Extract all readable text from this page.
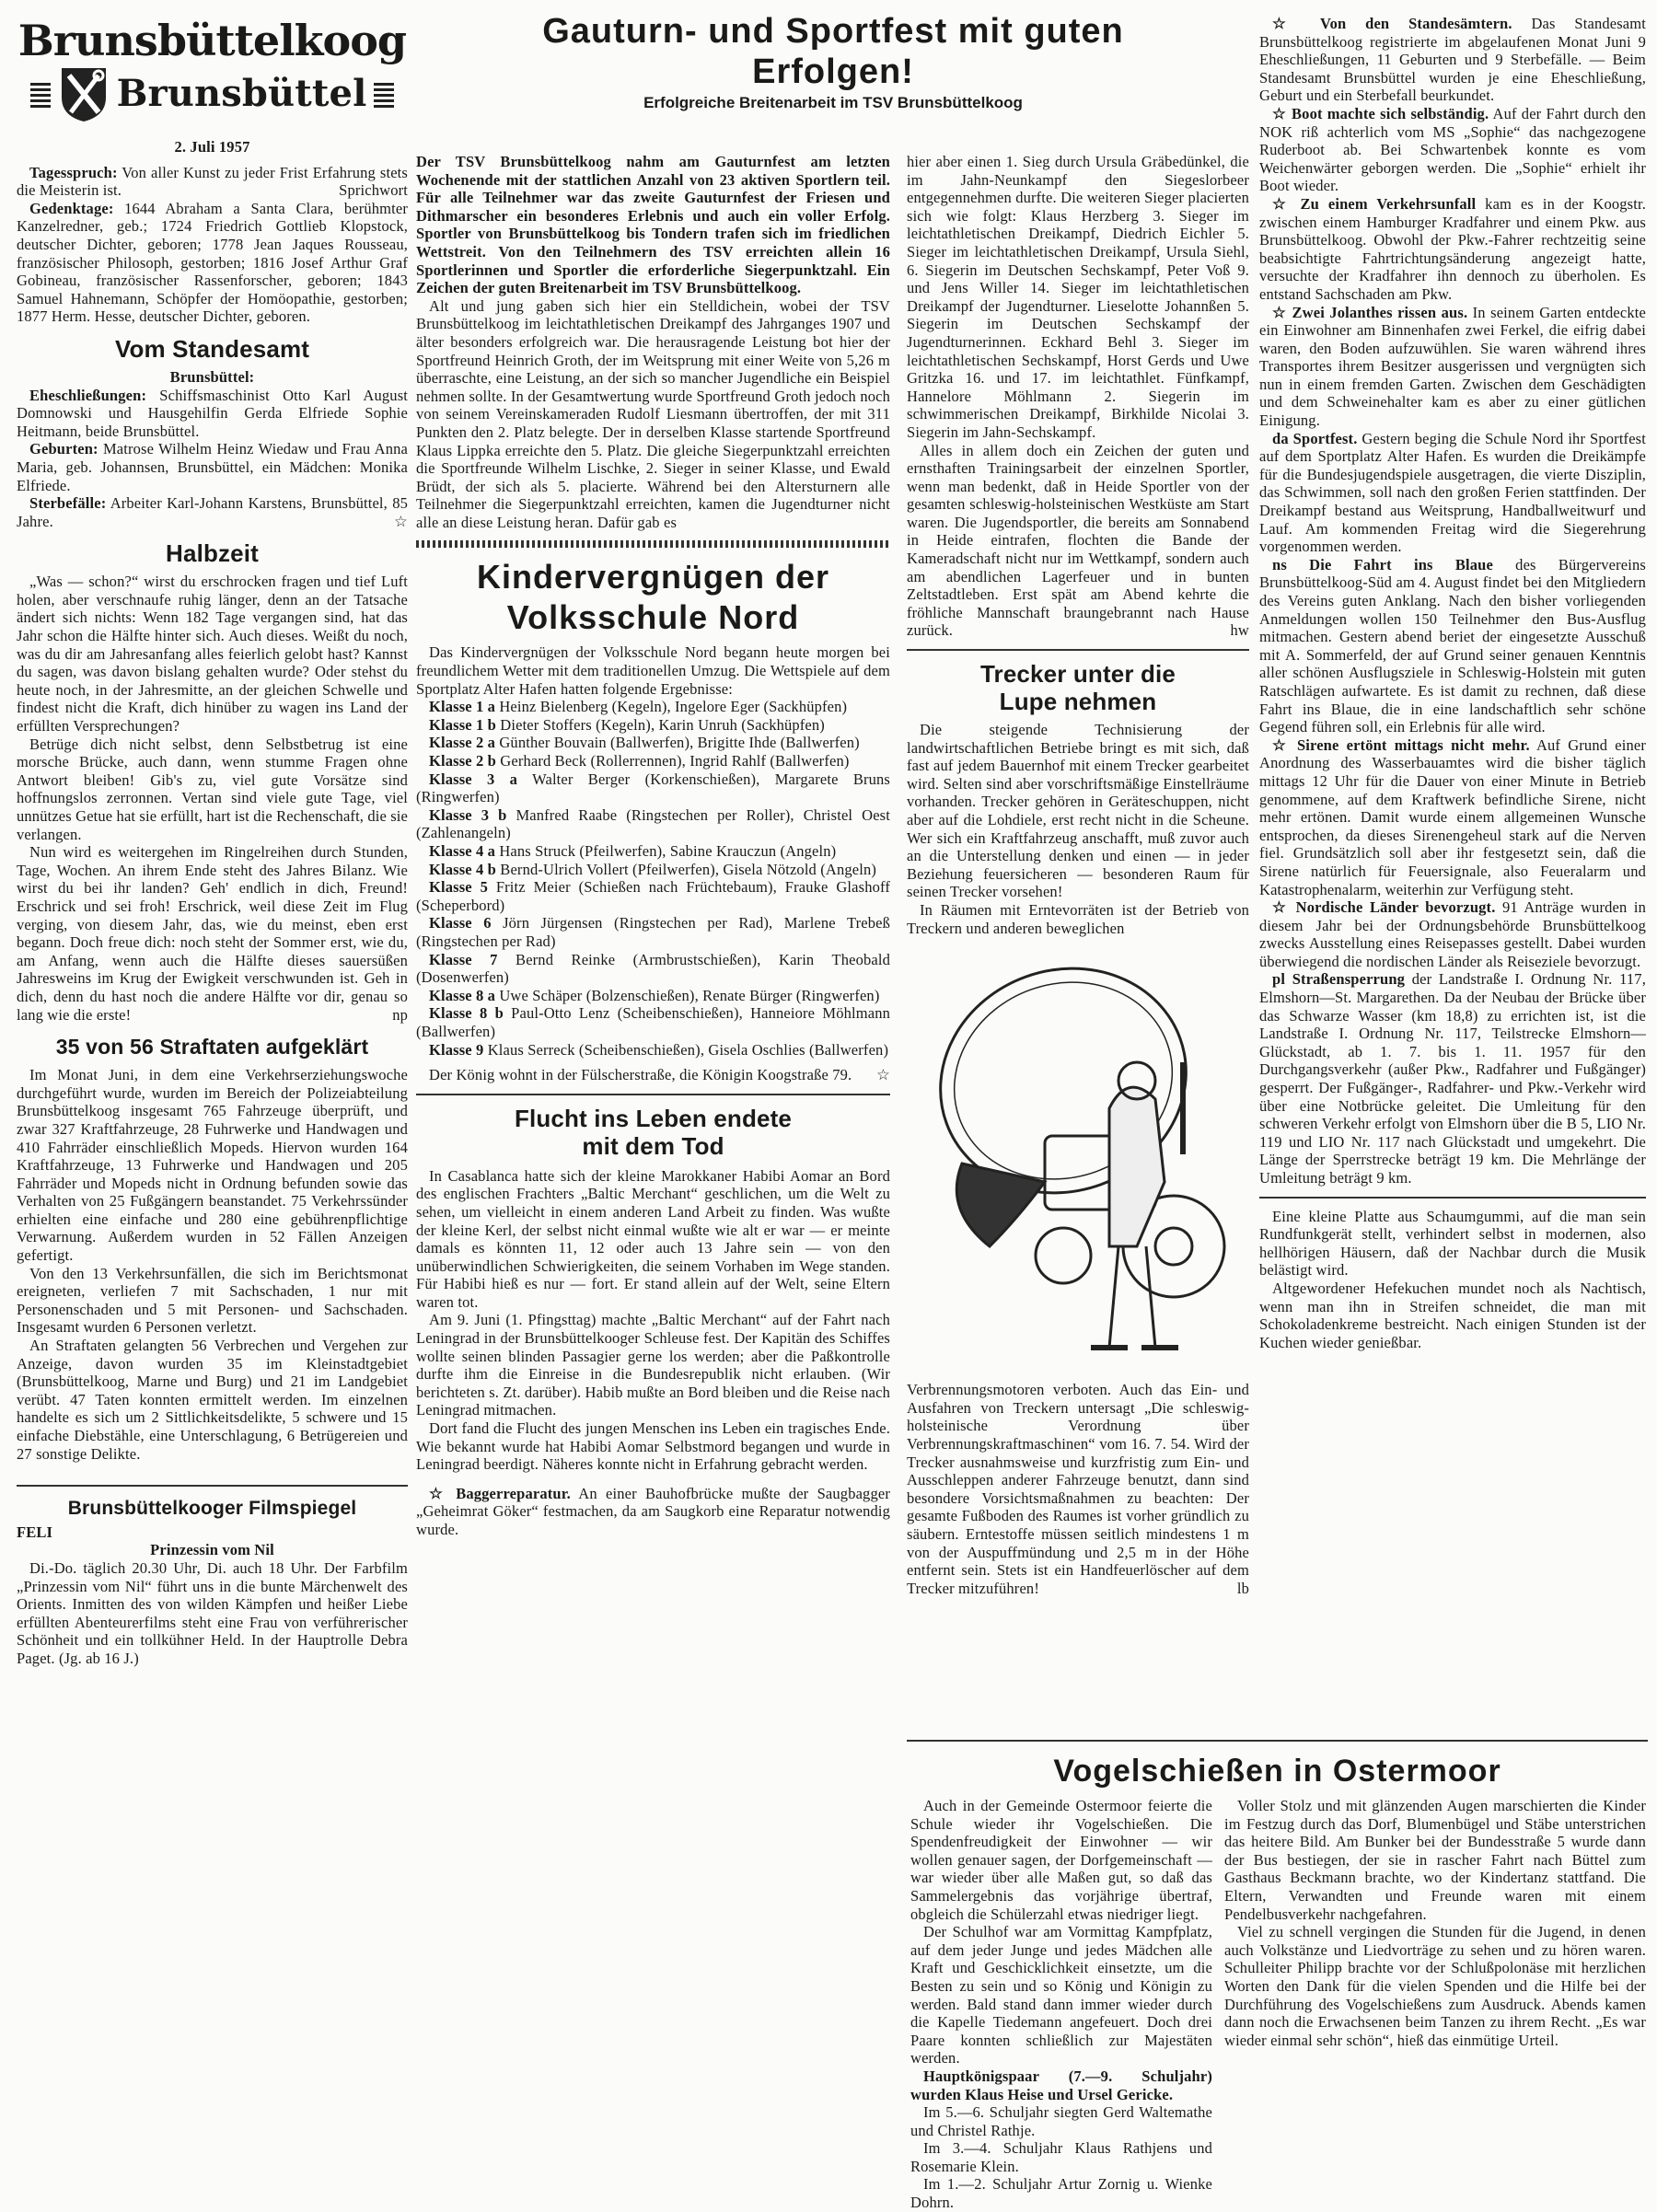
Brunsbüttelkoog
Brunsbüttel
2. Juli 1957

Tagesspruch: Von aller Kunst zu jeder Frist Erfahrung stets die Meisterin ist.	Sprichwort

Gedenktage: 1644 Abraham a Santa Clara, berühmter Kanzelredner, geb.; 1724 Friedrich Gottlieb Klopstock, deutscher Dichter, geboren; 1778 Jean Jaques Rousseau, französischer Philosoph, gestorben; 1816 Josef Arthur Graf Gobineau, französischer Rassenforscher, geboren; 1843 Samuel Hahnemann, Schöpfer der Homöopathie, gestorben; 1877 Herm. Hesse, deutscher Dichter, geboren.

Vom Standesamt
Brunsbüttel:

Eheschließungen: Schiffsmaschinist Otto Karl August Domnowski und Hausgehilfin Gerda Elfriede Sophie Heitmann, beide Brunsbüttel.

Geburten: Matrose Wilhelm Heinz Wiedaw und Frau Anna Maria, geb. Johannsen, Brunsbüttel, ein Mädchen: Monika Elfriede.

Sterbefälle: Arbeiter Karl-Johann Karstens, Brunsbüttel, 85 Jahre.	☆

Halbzeit

„Was — schon?“ wirst du erschrocken fragen und tief Luft holen, aber verschnaufe ruhig länger, denn an der Tatsache ändert sich nichts: Wenn 182 Tage vergangen sind, hat das Jahr schon die Hälfte hinter sich. Auch dieses. Weißt du noch, was du dir am Jahresanfang alles feierlich gelobt hast? Kannst du sagen, was davon bislang gehalten wurde? Oder stehst du heute noch, in der Jahresmitte, an der gleichen Schwelle und findest nicht die Kraft, dich hinüber zu wagen ins Land der erfüllten Versprechungen?

Betrüge dich nicht selbst, denn Selbstbetrug ist eine morsche Brücke, auch dann, wenn stumme Fragen ohne Antwort bleiben! Gib's zu, viel gute Vorsätze sind hoffnungslos zerronnen. Vertan sind viele gute Tage, viel unnützes Getue hat sie erfüllt, hart ist die Rechenschaft, die sie verlangen.

Nun wird es weitergehen im Ringelreihen durch Stunden, Tage, Wochen. An ihrem Ende steht des Jahres Bilanz. Wie wirst du bei ihr landen? Geh' endlich in dich, Freund! Erschrick und sei froh! Erschrick, weil diese Zeit im Flug verging, von diesem Jahr, das, wie du meinst, eben erst begann. Doch freue dich: noch steht der Sommer erst, wie du, am Anfang, wenn auch die Hälfte dieses sauersüßen Jahresweins im Krug der Ewigkeit verschwunden ist. Geh in dich, denn du hast noch die andere Hälfte vor dir, genau so lang wie die erste!	np

35 von 56 Straftaten aufgeklärt

Im Monat Juni, in dem eine Verkehrserziehungswoche durchgeführt wurde, wurden im Bereich der Polizeiabteilung Brunsbüttelkoog insgesamt 765 Fahrzeuge überprüft, und zwar 327 Kraftfahrzeuge, 28 Fuhrwerke und Handwagen und 410 Fahrräder einschließlich Mopeds. Hiervon wurden 164 Kraftfahrzeuge, 13 Fuhrwerke und Handwagen und 205 Fahrräder und Mopeds nicht in Ordnung befunden sowie das Verhalten von 25 Fußgängern beanstandet. 75 Verkehrssünder erhielten eine einfache und 280 eine gebührenpflichtige Verwarnung. Außerdem wurden in 52 Fällen Anzeigen gefertigt.

Von den 13 Verkehrsunfällen, die sich im Berichtsmonat ereigneten, verliefen 7 mit Sachschaden, 1 nur mit Personenschaden und 5 mit Personen- und Sachschaden. Insgesamt wurden 6 Personen verletzt.

An Straftaten gelangten 56 Verbrechen und Vergehen zur Anzeige, davon wurden 35 im Kleinstadtgebiet (Brunsbüttelkoog, Marne und Burg) und 21 im Landgebiet verübt. 47 Taten konnten ermittelt werden. Im einzelnen handelte es sich um 2 Sittlichkeitsdelikte, 5 schwere und 15 einfache Diebstähle, eine Unterschlagung, 6 Betrügereien und 27 sonstige Delikte.

Brunsbüttelkooger Filmspiegel
FELI
Prinzessin vom Nil

Di.-Do. täglich 20.30 Uhr, Di. auch 18 Uhr. Der Farbfilm „Prinzessin vom Nil“ führt uns in die bunte Märchenwelt des Orients. Inmitten des von wilden Kämpfen und heißer Liebe erfüllten Abenteurerfilms steht eine Frau von verführerischer Schönheit und ein tollkühner Held. In der Hauptrolle Debra Paget. (Jg. ab 16 J.)

Gauturn- und Sportfest mit guten Erfolgen!
Erfolgreiche Breitenarbeit im TSV Brunsbüttelkoog

Der TSV Brunsbüttelkoog nahm am Gauturnfest am letzten Wochenende mit der stattlichen Anzahl von 23 aktiven Sportlern teil. Für alle Teilnehmer war das zweite Gauturnfest der Friesen und Dithmarscher ein besonderes Erlebnis und auch ein voller Erfolg. Sportler von Brunsbüttelkoog bis Tondern trafen sich im friedlichen Wettstreit. Von den Teilnehmern des TSV erreichten allein 16 Sportlerinnen und Sportler die erforderliche Siegerpunktzahl. Ein Zeichen der guten Breitenarbeit im TSV Brunsbüttelkoog.

Alt und jung gaben sich hier ein Stelldichein, wobei der TSV Brunsbüttelkoog im leichtathletischen Dreikampf des Jahrganges 1907 und älter besonders erfolgreich war. Die herausragende Leistung bot hier der Sportfreund Heinrich Groth, der im Weitsprung mit einer Weite von 5,26 m überraschte, eine Leistung, an der sich so mancher Jugendliche ein Beispiel nehmen sollte. In der Gesamtwertung wurde Sportfreund Groth jedoch noch von seinem Vereinskameraden Rudolf Liesmann übertroffen, der mit 311 Punkten den 2. Platz belegte. Der in derselben Klasse startende Sportfreund Klaus Lippka erreichte den 5. Platz. Die gleiche Siegerpunktzahl erreichten die Sportfreunde Wilhelm Lischke, 2. Sieger in seiner Klasse, und Ewald Brüdt, der sich als 5. placierte. Während bei den Altersturnern alle Teilnehmer die Siegerpunktzahl erreichten, kamen die Jugendturner nicht alle an diese Leistung heran. Dafür gab es

Kindervergnügen der Volksschule Nord

Das Kindervergnügen der Volksschule Nord begann heute morgen bei freundlichem Wetter mit dem traditionellen Umzug. Die Wettspiele auf dem Sportplatz Alter Hafen hatten folgende Ergebnisse:

Klasse 1 a Heinz Bielenberg (Kegeln), Ingelore Eger (Sackhüpfen)

Klasse 1 b Dieter Stoffers (Kegeln), Karin Unruh (Sackhüpfen)

Klasse 2 a Günther Bouvain (Ballwerfen), Brigitte Ihde (Ballwerfen)

Klasse 2 b Gerhard Beck (Rollerrennen), Ingrid Rahlf (Ballwerfen)

Klasse 3 a Walter Berger (Korkenschießen), Margarete Bruns (Ringwerfen)

Klasse 3 b Manfred Raabe (Ringstechen per Roller), Christel Oest (Zahlenangeln)

Klasse 4 a Hans Struck (Pfeilwerfen), Sabine Krauczun (Angeln)

Klasse 4 b Bernd-Ulrich Vollert (Pfeilwerfen), Gisela Nötzold (Angeln)

Klasse 5 Fritz Meier (Schießen nach Früchtebaum), Frauke Glashoff (Scheperbord)

Klasse 6 Jörn Jürgensen (Ringstechen per Rad), Marlene Trebeß (Ringstechen per Rad)

Klasse 7 Bernd Reinke (Armbrustschießen), Karin Theobald (Dosenwerfen)

Klasse 8 a Uwe Schäper (Bolzenschießen), Renate Bürger (Ringwerfen)

Klasse 8 b Paul-Otto Lenz (Scheibenschießen), Hanneiore Möhlmann (Ballwerfen)

Klasse 9 Klaus Serreck (Scheibenschießen), Gisela Oschlies (Ballwerfen)

Der König wohnt in der Fülscherstraße, die Königin Koogstraße 79.	☆

Flucht ins Leben endete mit dem Tod

In Casablanca hatte sich der kleine Marokkaner Habibi Aomar an Bord des englischen Frachters „Baltic Merchant“ geschlichen, um die Welt zu sehen, um vielleicht in einem anderen Land Arbeit zu finden. Was wußte der kleine Kerl, der selbst nicht einmal wußte wie alt er war — er meinte damals es könnten 11, 12 oder auch 13 Jahre sein — von den unüberwindlichen Schwierigkeiten, die seinem Vorhaben im Wege standen. Für Habibi hieß es nur — fort. Er stand allein auf der Welt, seine Eltern waren tot.

Am 9. Juni (1. Pfingsttag) machte „Baltic Merchant“ auf der Fahrt nach Leningrad in der Brunsbüttelkooger Schleuse fest. Der Kapitän des Schiffes wollte seinen blinden Passagier gerne los werden; aber die Paßkontrolle durfte ihm die Einreise in die Bundesrepublik nicht erlauben. (Wir berichteten s. Zt. darüber). Habib mußte an Bord bleiben und die Reise nach Leningrad mitmachen.

Dort fand die Flucht des jungen Menschen ins Leben ein tragisches Ende. Wie bekannt wurde hat Habibi Aomar Selbstmord begangen und wurde in Leningrad beerdigt. Näheres konnte nicht in Erfahrung gebracht werden.

☆ Baggerreparatur. An einer Bauhofbrücke mußte der Saugbagger „Geheimrat Göker“ festmachen, da am Saugkorb eine Reparatur notwendig wurde.

hier aber einen 1. Sieg durch Ursula Gräbedünkel, die im Jahn-Neunkampf den Siegeslorbeer entgegennehmen durfte. Die weiteren Sieger placierten sich wie folgt: Klaus Herzberg 3. Sieger im leichtathletischen Dreikampf, Diedrich Eichler 5. Sieger im leichtathletischen Dreikampf, Ursula Siehl, 6. Siegerin im Deutschen Sechskampf, Peter Voß 9. und Jens Willer 14. Sieger im leichtathletischen Dreikampf der Jugendturner. Lieselotte Johannßen 5. Siegerin im Deutschen Sechskampf der Jugendturnerinnen. Eckhard Behl 3. Sieger im leichtathletischen Sechskampf, Horst Gerds und Uwe Gritzka 16. und 17. im leichtathlet. Fünfkampf, Hannelore Möhlmann 2. Siegerin im schwimmerischen Dreikampf, Birkhilde Nicolai 3. Siegerin im Jahn-Sechskampf.

Alles in allem doch ein Zeichen der guten und ernsthaften Trainingsarbeit der einzelnen Sportler, wenn man bedenkt, daß in Heide Sportler von der gesamten schleswig-holsteinischen Westküste am Start waren. Die Jugendsportler, die bereits am Sonnabend in Heide eintrafen, flochten die Bande der Kameradschaft nicht nur im Wettkampf, sondern auch am abendlichen Lagerfeuer und in bunten Zeltstadtleben. Erst spät am Abend kehrte die fröhliche Mannschaft braungebrannt nach Hause zurück.	hw

Trecker unter die Lupe nehmen

Die steigende Technisierung der landwirtschaftlichen Betriebe bringt es mit sich, daß fast auf jedem Bauernhof mit einem Trecker gearbeitet wird. Selten sind aber vorschriftsmäßige Einstellräume vorhanden. Trecker gehören in Geräteschuppen, nicht aber auf die Lohdiele, erst recht nicht in die Scheune. Wer sich ein Kraftfahrzeug anschafft, muß zuvor auch an die Unterstellung denken und einen — in jeder Beziehung feuersicheren — besonderen Raum für seinen Trecker vorsehen!

In Räumen mit Erntevorräten ist der Betrieb von Treckern und anderen beweglichen

Verbrennungsmotoren verboten. Auch das Ein- und Ausfahren von Treckern untersagt „Die schleswig-holsteinische Verordnung über Verbrennungskraftmaschinen“ vom 16. 7. 54. Wird der Trecker ausnahmsweise und kurzfristig zum Ein- und Ausschleppen anderer Fahrzeuge benutzt, dann sind besondere Vorsichtsmaßnahmen zu beachten: Der gesamte Fußboden des Raumes ist vorher gründlich zu säubern. Erntestoffe müssen seitlich mindestens 1 m von der Auspuffmündung und 2,5 m in der Höhe entfernt sein. Stets ist ein Handfeuerlöscher auf dem Trecker mitzuführen!	lb

☆ Von den Standesämtern. Das Standesamt Brunsbüttelkoog registrierte im abgelaufenen Monat Juni 9 Eheschließungen, 11 Geburten und 9 Sterbefälle. — Beim Standesamt Brunsbüttel wurden je eine Eheschließung, Geburt und ein Sterbefall beurkundet.

☆ Boot machte sich selbständig. Auf der Fahrt durch den NOK riß achterlich vom MS „Sophie“ das nachgezogene Ruderboot ab. Bei Schwartenbek konnte es vom Weichenwärter geborgen werden. Die „Sophie“ erhielt ihr Boot wieder.

☆ Zu einem Verkehrsunfall kam es in der Koogstr. zwischen einem Hamburger Kradfahrer und einem Pkw. aus Brunsbüttelkoog. Obwohl der Pkw.-Fahrer rechtzeitig seine beabsichtigte Fahrtrichtungsänderung angezeigt hatte, versuchte der Kradfahrer ihn dennoch zu überholen. Es entstand Sachschaden am Pkw.

☆ Zwei Jolanthes rissen aus. In seinem Garten entdeckte ein Einwohner am Binnenhafen zwei Ferkel, die eifrig dabei waren, den Boden aufzuwühlen. Sie waren während ihres Transportes ihrem Besitzer ausgerissen und vergnügten sich nun in einem fremden Garten. Zwischen dem Geschädigten und dem Schweinehalter kam es aber zu einer gütlichen Einigung.

da Sportfest. Gestern beging die Schule Nord ihr Sportfest auf dem Sportplatz Alter Hafen. Es wurden die Dreikämpfe für die Bundesjugendspiele ausgetragen, die vierte Disziplin, das Schwimmen, soll nach den großen Ferien stattfinden. Der Dreikampf bestand aus Weitsprung, Handballweitwurf und Lauf. Am kommenden Freitag wird die Siegerehrung vorgenommen werden.

ns Die Fahrt ins Blaue des Bürgervereins Brunsbüttelkoog-Süd am 4. August findet bei den Mitgliedern des Vereins guten Anklang. Nach den bisher vorliegenden Anmeldungen wollen 150 Teilnehmer den Bus-Ausflug mitmachen. Gestern abend beriet der eingesetzte Ausschuß mit A. Sommerfeld, der auf Grund seiner genauen Kenntnis aller schönen Ausflugsziele in Schleswig-Holstein mit guten Ratschlägen aufwartete. Es ist damit zu rechnen, daß diese Fahrt ins Blaue, die in eine landschaftlich sehr schöne Gegend führen soll, ein Erlebnis für alle wird.

☆ Sirene ertönt mittags nicht mehr. Auf Grund einer Anordnung des Wasserbauamtes wird die bisher täglich mittags 12 Uhr für die Dauer von einer Minute in Betrieb genommene, auf dem Kraftwerk befindliche Sirene, nicht mehr ertönen. Damit wurde einem allgemeinen Wunsche entsprochen, da dieses Sirenengeheul stark auf die Nerven fiel. Grundsätzlich soll aber ihr festgesetzt sein, daß die Sirene natürlich für Feuersignale, also Feueralarm und Katastrophenalarm, weiterhin zur Verfügung steht.

☆ Nordische Länder bevorzugt. 91 Anträge wurden in diesem Jahr bei der Ordnungsbehörde Brunsbüttelkoog zwecks Ausstellung eines Reisepasses gestellt. Dabei wurden überwiegend die nordischen Länder als Reiseziele bevorzugt.

pl Straßensperrung der Landstraße I. Ordnung Nr. 117, Elmshorn—St. Margarethen. Da der Neubau der Brücke über das Schwarze Wasser (km 18,8) zu errichten ist, ist die Landstraße I. Ordnung Nr. 117, Teilstrecke Elmshorn—Glückstadt, ab 1. 7. bis 1. 11. 1957 für den Durchgangsverkehr (außer Pkw., Radfahrer und Fußgänger) gesperrt. Der Fußgänger-, Radfahrer- und Pkw.-Verkehr wird über eine Notbrücke geleitet. Die Umleitung für den schweren Verkehr erfolgt von Elmshorn über die B 5, LIO Nr. 119 und LIO Nr. 117 nach Glückstadt und umgekehrt. Die Länge der Sperrstrecke beträgt 19 km. Die Mehrlänge der Umleitung beträgt 9 km.

Eine kleine Platte aus Schaumgummi, auf die man sein Rundfunkgerät stellt, verhindert selbst in modernen, also hellhörigen Häusern, daß der Nachbar durch die Musik belästigt wird.

Altgewordener Hefekuchen mundet noch als Nachtisch, wenn man ihn in Streifen schneidet, die man mit Schokoladenkreme bestreicht. Nach einigen Stunden ist der Kuchen wieder genießbar.

Vogelschießen in Ostermoor

Auch in der Gemeinde Ostermoor feierte die Schule wieder ihr Vogelschießen. Die Spendenfreudigkeit der Einwohner — wir wollen genauer sagen, der Dorfgemeinschaft — war wieder über alle Maßen gut, so daß das Sammelergebnis das vorjährige übertraf, obgleich die Schülerzahl etwas niedriger liegt.

Der Schulhof war am Vormittag Kampfplatz, auf dem jeder Junge und jedes Mädchen alle Kraft und Geschicklichkeit einsetzte, um die Besten zu sein und so König und Königin zu werden. Bald stand dann immer wieder durch die Kapelle Tiedemann angefeuert. Doch drei Paare konnten schließlich zur Majestäten werden.

Hauptkönigspaar (7.—9. Schuljahr) wurden Klaus Heise und Ursel Gericke.

Im 5.—6. Schuljahr siegten Gerd Waltemathe und Christel Rathje.

Im 3.—4. Schuljahr Klaus Rathjens und Rosemarie Klein.

Im 1.—2. Schuljahr Artur Zornig u. Wienke Dohrn.

Voller Stolz und mit glänzenden Augen marschierten die Kinder im Festzug durch das Dorf, Blumenbügel und Stäbe unterstrichen das heitere Bild. Am Bunker bei der Bundesstraße 5 wurde dann der Bus bestiegen, der sie in rascher Fahrt nach Büttel zum Gasthaus Beckmann brachte, wo der Kindertanz stattfand. Die Eltern, Verwandten und Freunde waren mit einem Pendelbusverkehr nachgefahren.

Viel zu schnell vergingen die Stunden für die Jugend, in denen auch Volkstänze und Liedvorträge zu sehen und zu hören waren. Schulleiter Philipp brachte vor der Schlußpolonäse mit herzlichen Worten den Dank für die vielen Spenden und die Hilfe bei der Durchführung des Vogelschießens zum Ausdruck. Abends kamen dann noch die Erwachsenen beim Tanzen zu ihrem Recht. „Es war wieder einmal sehr schön“, hieß das einmütige Urteil.
